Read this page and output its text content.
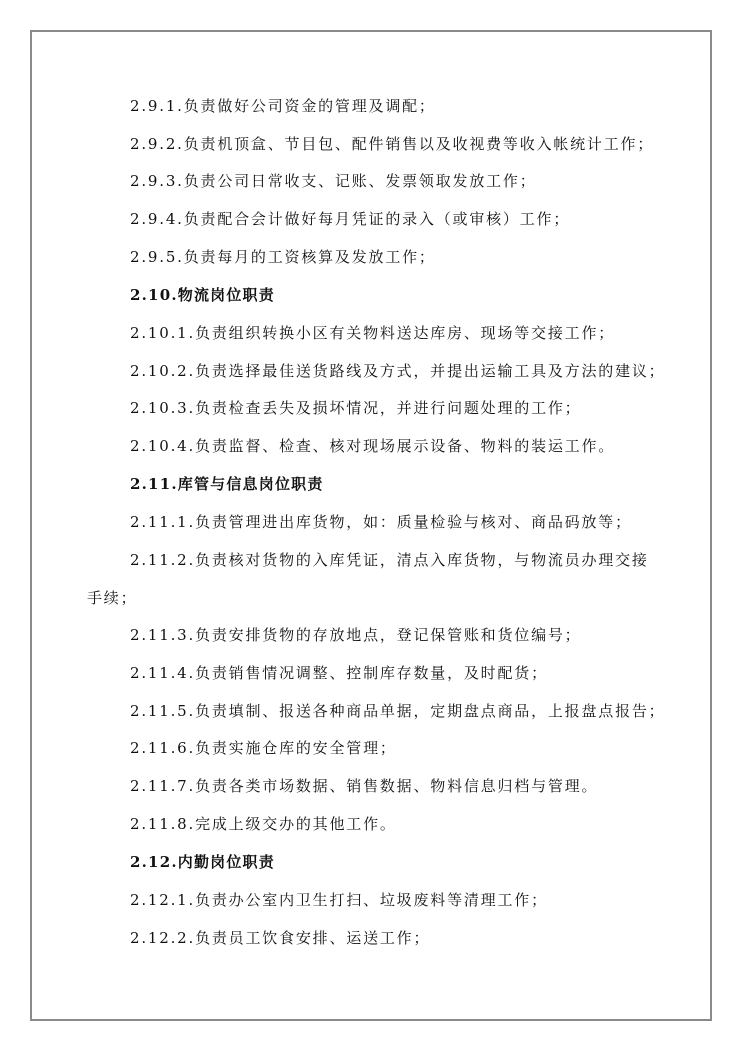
2.9.1.负责做好公司资金的管理及调配；
2.9.2.负责机顶盒、节目包、配件销售以及收视费等收入帐统计工作；
2.9.3.负责公司日常收支、记账、发票领取发放工作；
2.9.4.负责配合会计做好每月凭证的录入（或审核）工作；
2.9.5.负责每月的工资核算及发放工作；
2.10.物流岗位职责
2.10.1.负责组织转换小区有关物料送达库房、现场等交接工作；
2.10.2.负责选择最佳送货路线及方式，并提出运输工具及方法的建议；
2.10.3.负责检查丢失及损坏情况，并进行问题处理的工作；
2.10.4.负责监督、检查、核对现场展示设备、物料的装运工作。
2.11.库管与信息岗位职责
2.11.1.负责管理进出库货物，如：质量检验与核对、商品码放等；
2.11.2.负责核对货物的入库凭证，清点入库货物，与物流员办理交接
手续；
2.11.3.负责安排货物的存放地点，登记保管账和货位编号；
2.11.4.负责销售情况调整、控制库存数量，及时配货；
2.11.5.负责填制、报送各种商品单据，定期盘点商品，上报盘点报告；
2.11.6.负责实施仓库的安全管理；
2.11.7.负责各类市场数据、销售数据、物料信息归档与管理。
2.11.8.完成上级交办的其他工作。
2.12.内勤岗位职责
2.12.1.负责办公室内卫生打扫、垃圾废料等清理工作；
2.12.2.负责员工饮食安排、运送工作；
